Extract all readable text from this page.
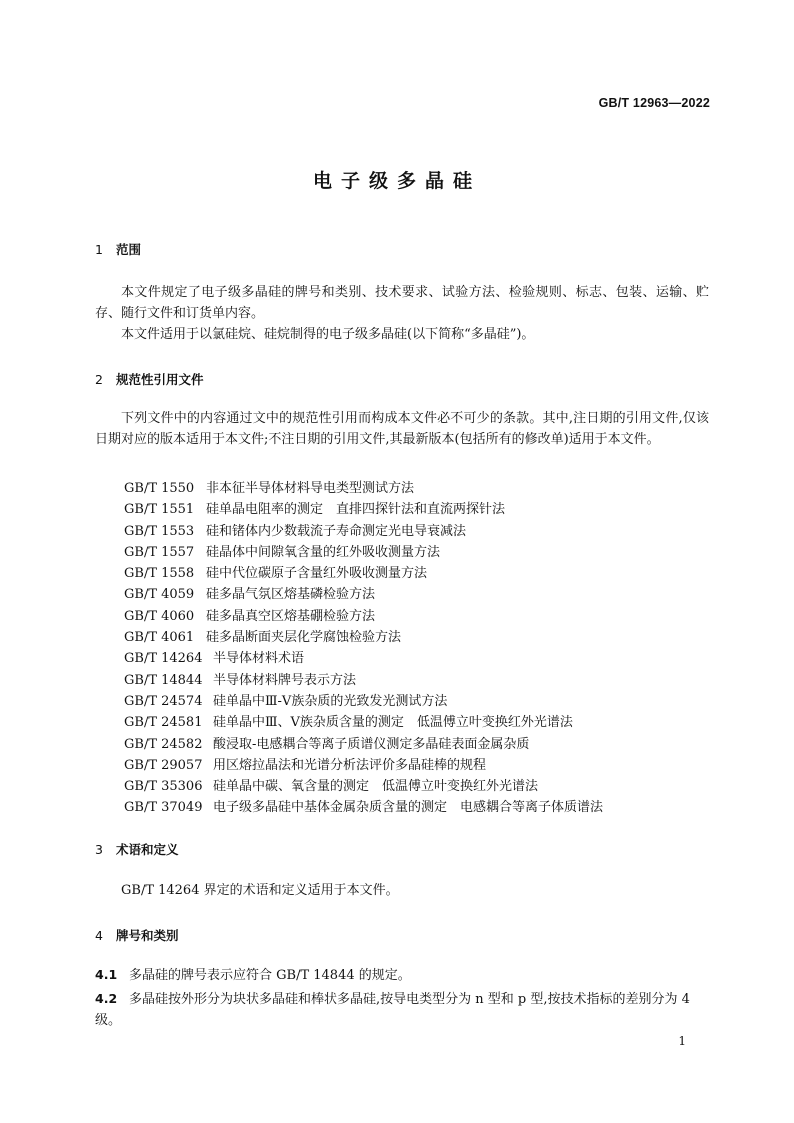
GB/T 12963—2022
电子级多晶硅
1 范围

本文件规定了电子级多晶硅的牌号和类别、技术要求、试验方法、检验规则、标志、包装、运输、贮存、随行文件和订货单内容。

本文件适用于以氯硅烷、硅烷制得的电子级多晶硅(以下简称“多晶硅”)。

2 规范性引用文件

下列文件中的内容通过文中的规范性引用而构成本文件必不可少的条款。其中,注日期的引用文件,仅该日期对应的版本适用于本文件;不注日期的引用文件,其最新版本(包括所有的修改单)适用于本文件。

GB/T 1550 非本征半导体材料导电类型测试方法
GB/T 1551 硅单晶电阻率的测定　直排四探针法和直流两探针法
GB/T 1553 硅和锗体内少数载流子寿命测定光电导衰减法
GB/T 1557 硅晶体中间隙氧含量的红外吸收测量方法
GB/T 1558 硅中代位碳原子含量红外吸收测量方法
GB/T 4059 硅多晶气氛区熔基磷检验方法
GB/T 4060 硅多晶真空区熔基硼检验方法
GB/T 4061 硅多晶断面夹层化学腐蚀检验方法
GB/T 14264 半导体材料术语
GB/T 14844 半导体材料牌号表示方法
GB/T 24574 硅单晶中Ⅲ-Ⅴ族杂质的光致发光测试方法
GB/T 24581 硅单晶中Ⅲ、Ⅴ族杂质含量的测定　低温傅立叶变换红外光谱法
GB/T 24582 酸浸取-电感耦合等离子质谱仪测定多晶硅表面金属杂质
GB/T 29057 用区熔拉晶法和光谱分析法评价多晶硅棒的规程
GB/T 35306 硅单晶中碳、氧含量的测定　低温傅立叶变换红外光谱法
GB/T 37049 电子级多晶硅中基体金属杂质含量的测定　电感耦合等离子体质谱法
3 术语和定义

GB/T 14264 界定的术语和定义适用于本文件。

4 牌号和类别
4.1 多晶硅的牌号表示应符合 GB/T 14844 的规定。
4.2 多晶硅按外形分为块状多晶硅和棒状多晶硅,按导电类型分为 n 型和 p 型,按技术指标的差别分为 4 级。
1
